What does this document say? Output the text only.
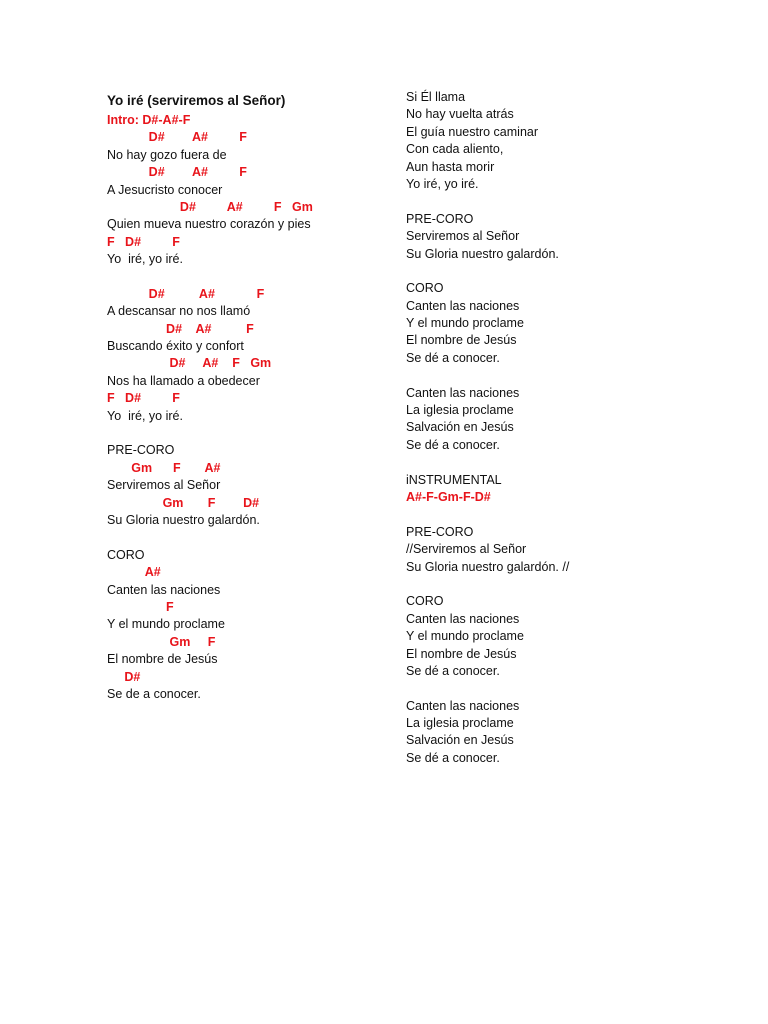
Yo iré (serviremos al Señor)
Intro: D#-A#-F
D#        A#         F
No hay gozo fuera de
D#        A#         F
A Jesucristo conocer
D#         A#         F   Gm
Quien mueva nuestro corazón y pies
F   D#         F
Yo  iré, yo iré.
D#          A#            F
A descansar no nos llamó
D#    A#          F
Buscando éxito y confort
D#     A#    F   Gm
Nos ha llamado a obedecer
F   D#         F
Yo  iré, yo iré.
PRE-CORO
Gm      F       A#
Serviremos al Señor
Gm       F        D#
Su Gloria nuestro galardón.
CORO
A#
Canten las naciones
F
Y el mundo proclame
Gm     F
El nombre de Jesús
D#
Se de a conocer.
Si Él llama
No hay vuelta atrás
El guía nuestro caminar
Con cada aliento,
Aun hasta morir
Yo iré, yo iré.
PRE-CORO
Serviremos al Señor
Su Gloria nuestro galardón.
CORO
Canten las naciones
Y el mundo proclame
El nombre de Jesús
Se dé a conocer.
Canten las naciones
La iglesia proclame
Salvación en Jesús
Se dé a conocer.
iNSTRUMENTAL
A#-F-Gm-F-D#
PRE-CORO
//Serviremos al Señor
Su Gloria nuestro galardón. //
CORO
Canten las naciones
Y el mundo proclame
El nombre de Jesús
Se dé a conocer.
Canten las naciones
La iglesia proclame
Salvación en Jesús
Se dé a conocer.
